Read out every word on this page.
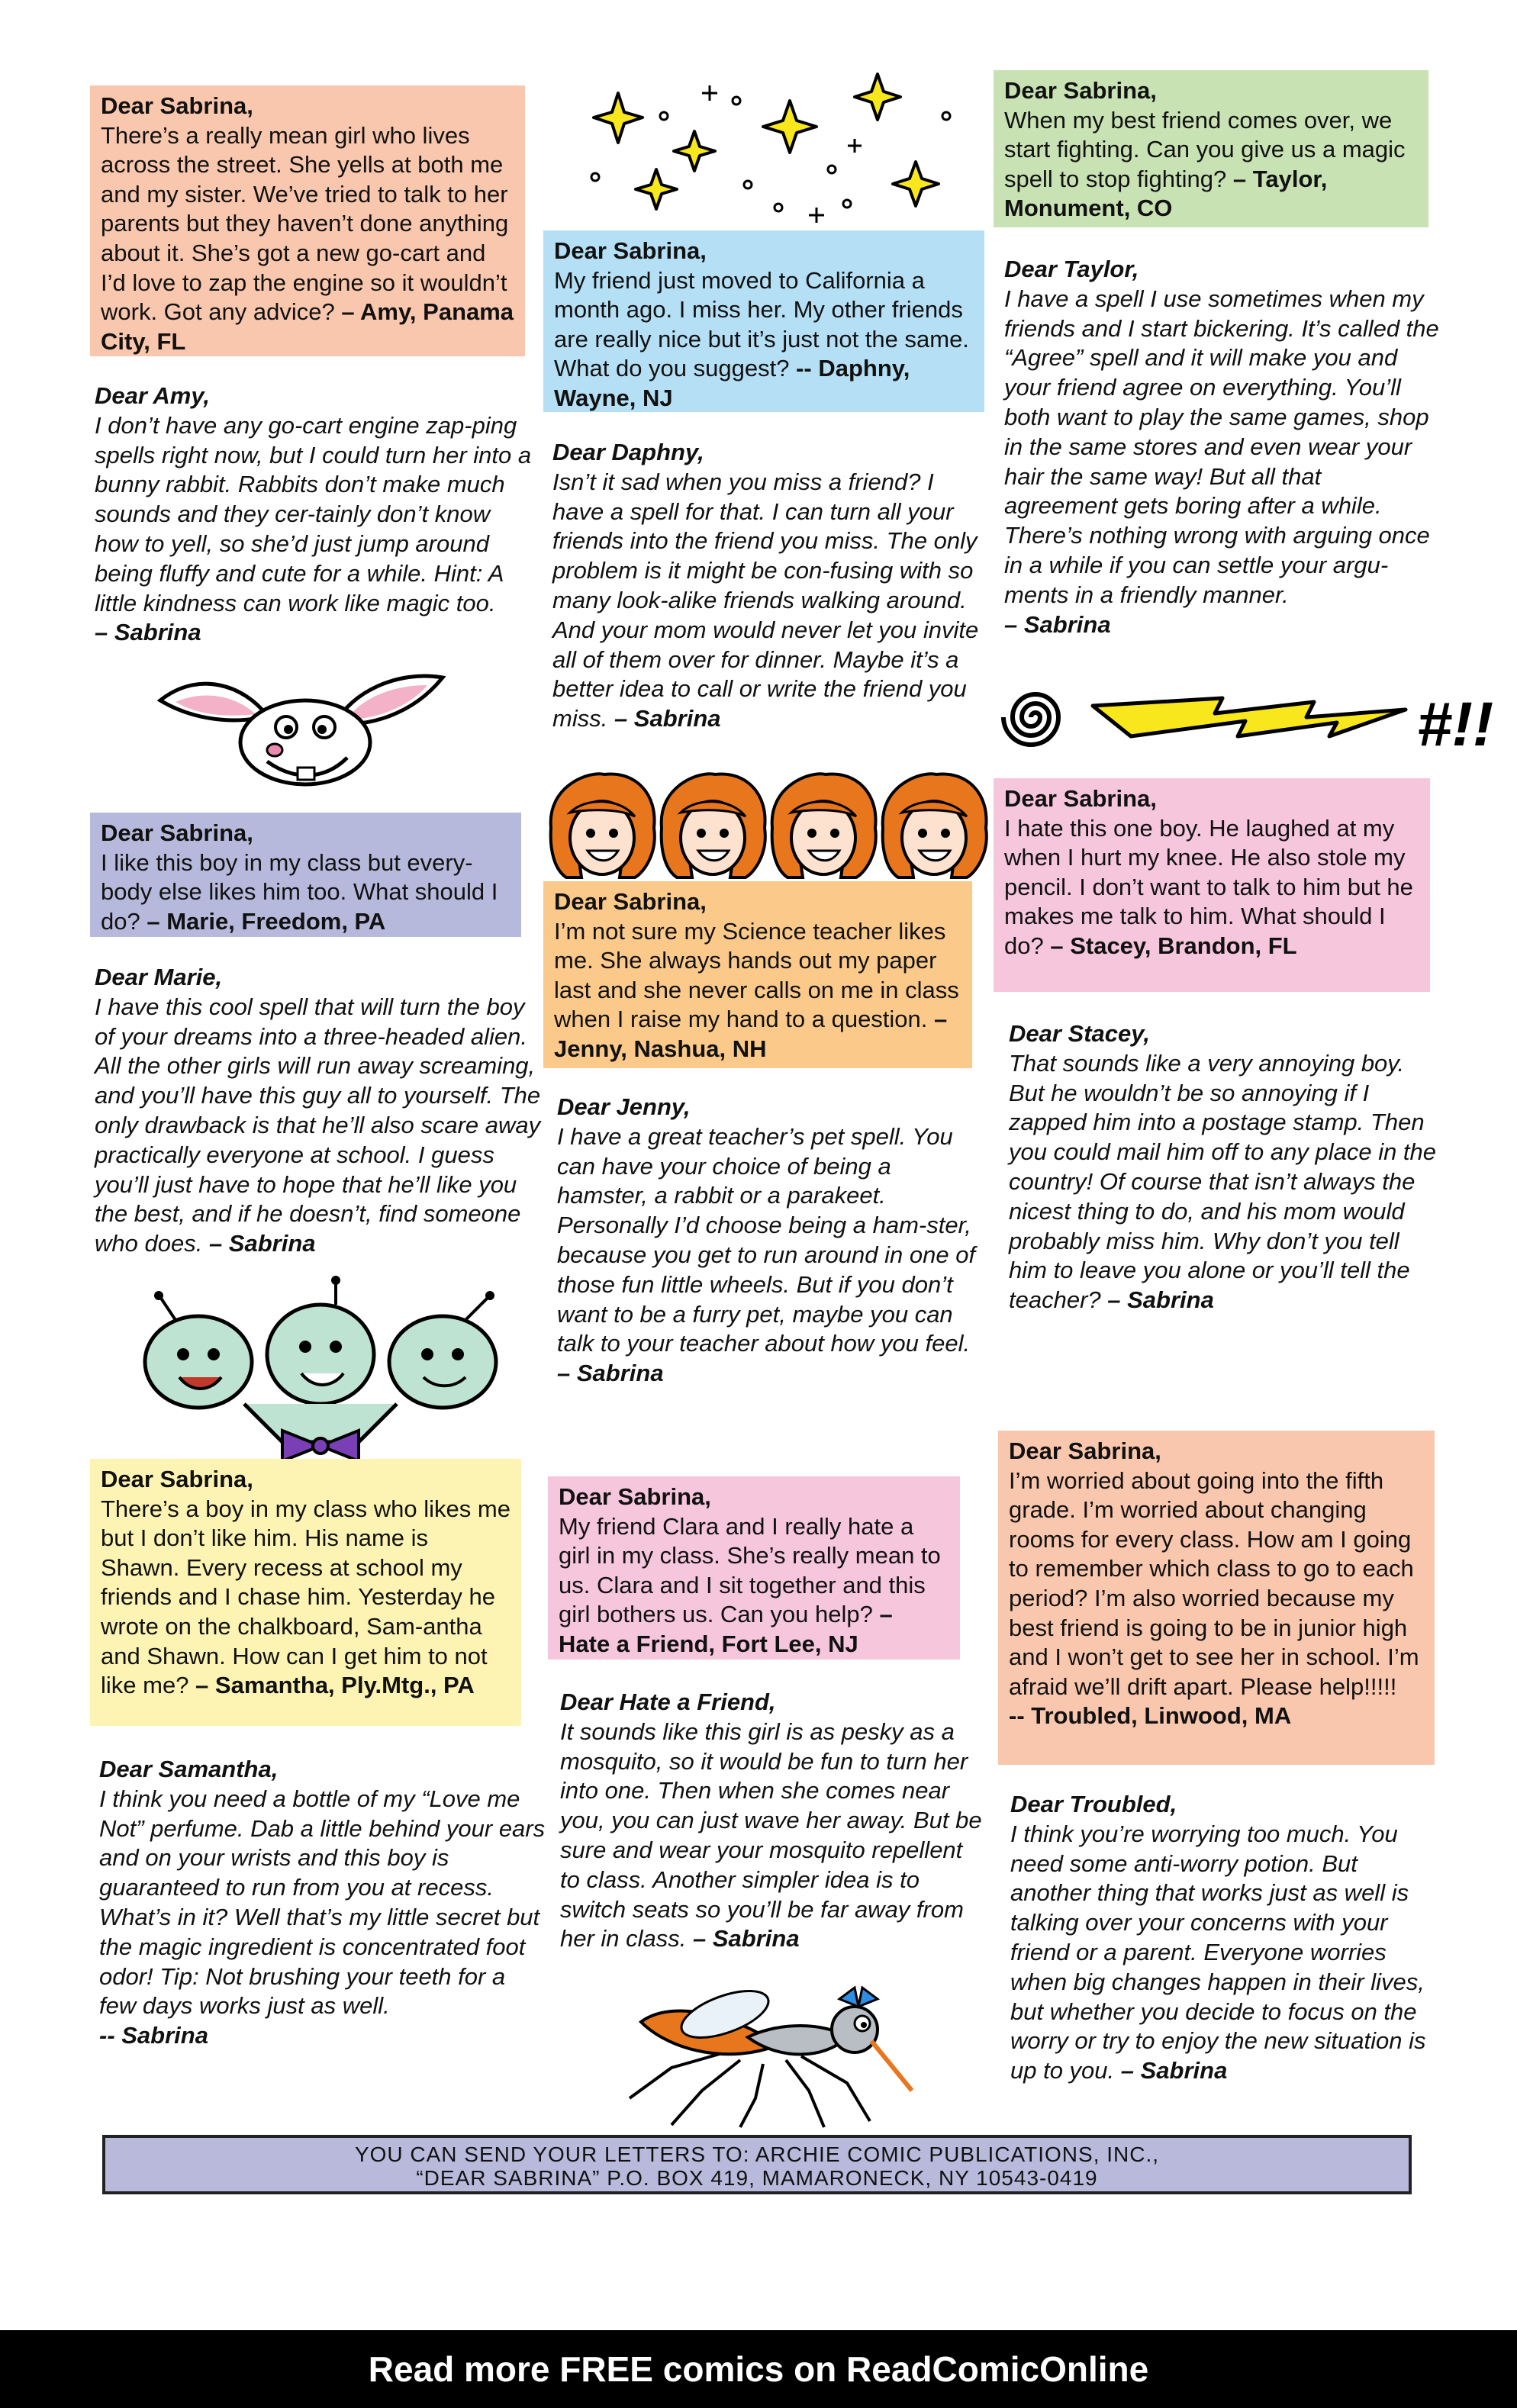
Dear Sabrina,
There’s a really mean girl who lives across the street. She yells at both me and my sister. We’ve tried to talk to her parents but they haven’t done anything about it. She’s got a new go-cart and I’d love to zap the engine so it wouldn’t work. Got any advice? – Amy, Panama City, FL
Dear Amy,
I don’t have any go-cart engine zap-ping spells right now, but I could turn her into a bunny rabbit. Rabbits don’t make much sounds and they cer-tainly don’t know how to yell, so she’d just jump around being fluffy and cute for a while. Hint: A little kindness can work like magic too.
– Sabrina
Dear Sabrina,
I like this boy in my class but every-body else likes him too. What should I do? – Marie, Freedom, PA
Dear Marie,
I have this cool spell that will turn the boy of your dreams into a three-headed alien. All the other girls will run away screaming, and you’ll have this guy all to yourself. The only drawback is that he’ll also scare away practically everyone at school. I guess you’ll just have to hope that he’ll like you the best, and if he doesn’t, find someone who does. – Sabrina
Dear Sabrina,
There’s a boy in my class who likes me but I don’t like him. His name is Shawn. Every recess at school my friends and I chase him. Yesterday he wrote on the chalkboard, Sam-antha and Shawn. How can I get him to not like me? – Samantha, Ply.Mtg., PA
Dear Samantha,
I think you need a bottle of my “Love me Not” perfume. Dab a little behind your ears and on your wrists and this boy is guaranteed to run from you at recess. What’s in it? Well that’s my little secret but the magic ingredient is concentrated foot odor! Tip: Not brushing your teeth for a few days works just as well.
-- Sabrina
Dear Sabrina,
My friend just moved to California a month ago. I miss her. My other friends are really nice but it’s just not the same. What do you suggest? -- Daphny, Wayne, NJ
Dear Daphny,
Isn’t it sad when you miss a friend? I have a spell for that. I can turn all your friends into the friend you miss. The only problem is it might be con-fusing with so many look-alike friends walking around. And your mom would never let you invite all of them over for dinner. Maybe it’s a better idea to call or write the friend you miss. – Sabrina
Dear Sabrina,
I’m not sure my Science teacher likes me. She always hands out my paper last and she never calls on me in class when I raise my hand to a question. – Jenny, Nashua, NH
Dear Jenny,
I have a great teacher’s pet spell. You can have your choice of being a hamster, a rabbit or a parakeet. Personally I’d choose being a ham-ster, because you get to run around in one of those fun little wheels. But if you don’t want to be a furry pet, maybe you can talk to your teacher about how you feel. – Sabrina
Dear Sabrina,
My friend Clara and I really hate a girl in my class. She’s really mean to us. Clara and I sit together and this girl bothers us. Can you help? – Hate a Friend, Fort Lee, NJ
Dear Hate a Friend,
It sounds like this girl is as pesky as a mosquito, so it would be fun to turn her into one. Then when she comes near you, you can just wave her away. But be sure and wear your mosquito repellent to class. Another simpler idea is to switch seats so you’ll be far away from her in class. – Sabrina
Dear Sabrina,
When my best friend comes over, we start fighting. Can you give us a magic spell to stop fighting? – Taylor, Monument, CO
Dear Taylor,
I have a spell I use sometimes when my friends and I start bickering. It’s called the “Agree” spell and it will make you and your friend agree on everything. You’ll both want to play the same games, shop in the same stores and even wear your hair the same way! But all that agreement gets boring after a while. There’s nothing wrong with arguing once in a while if you can settle your argu-ments in a friendly manner.
– Sabrina
#!!
Dear Sabrina,
I hate this one boy. He laughed at my when I hurt my knee. He also stole my pencil. I don’t want to talk to him but he makes me talk to him. What should I do? – Stacey, Brandon, FL
Dear Stacey,
That sounds like a very annoying boy. But he wouldn’t be so annoying if I zapped him into a postage stamp. Then you could mail him off to any place in the country! Of course that isn’t always the nicest thing to do, and his mom would probably miss him. Why don’t you tell him to leave you alone or you’ll tell the teacher? – Sabrina
Dear Sabrina,
I’m worried about going into the fifth grade. I’m worried about changing rooms for every class. How am I going to remember which class to go to each period? I’m also worried because my best friend is going to be in junior high and I won’t get to see her in school. I’m afraid we’ll drift apart. Please help!!!!!
-- Troubled, Linwood, MA
Dear Troubled,
I think you’re worrying too much. You need some anti-worry potion. But another thing that works just as well is talking over your concerns with your friend or a parent. Everyone worries when big changes happen in their lives, but whether you decide to focus on the worry or try to enjoy the new situation is up to you. – Sabrina
YOU CAN SEND YOUR LETTERS TO: ARCHIE COMIC PUBLICATIONS, INC.,
“DEAR SABRINA” P.O. BOX 419, MAMARONECK, NY 10543-0419
Read more FREE comics on ReadComicOnline
